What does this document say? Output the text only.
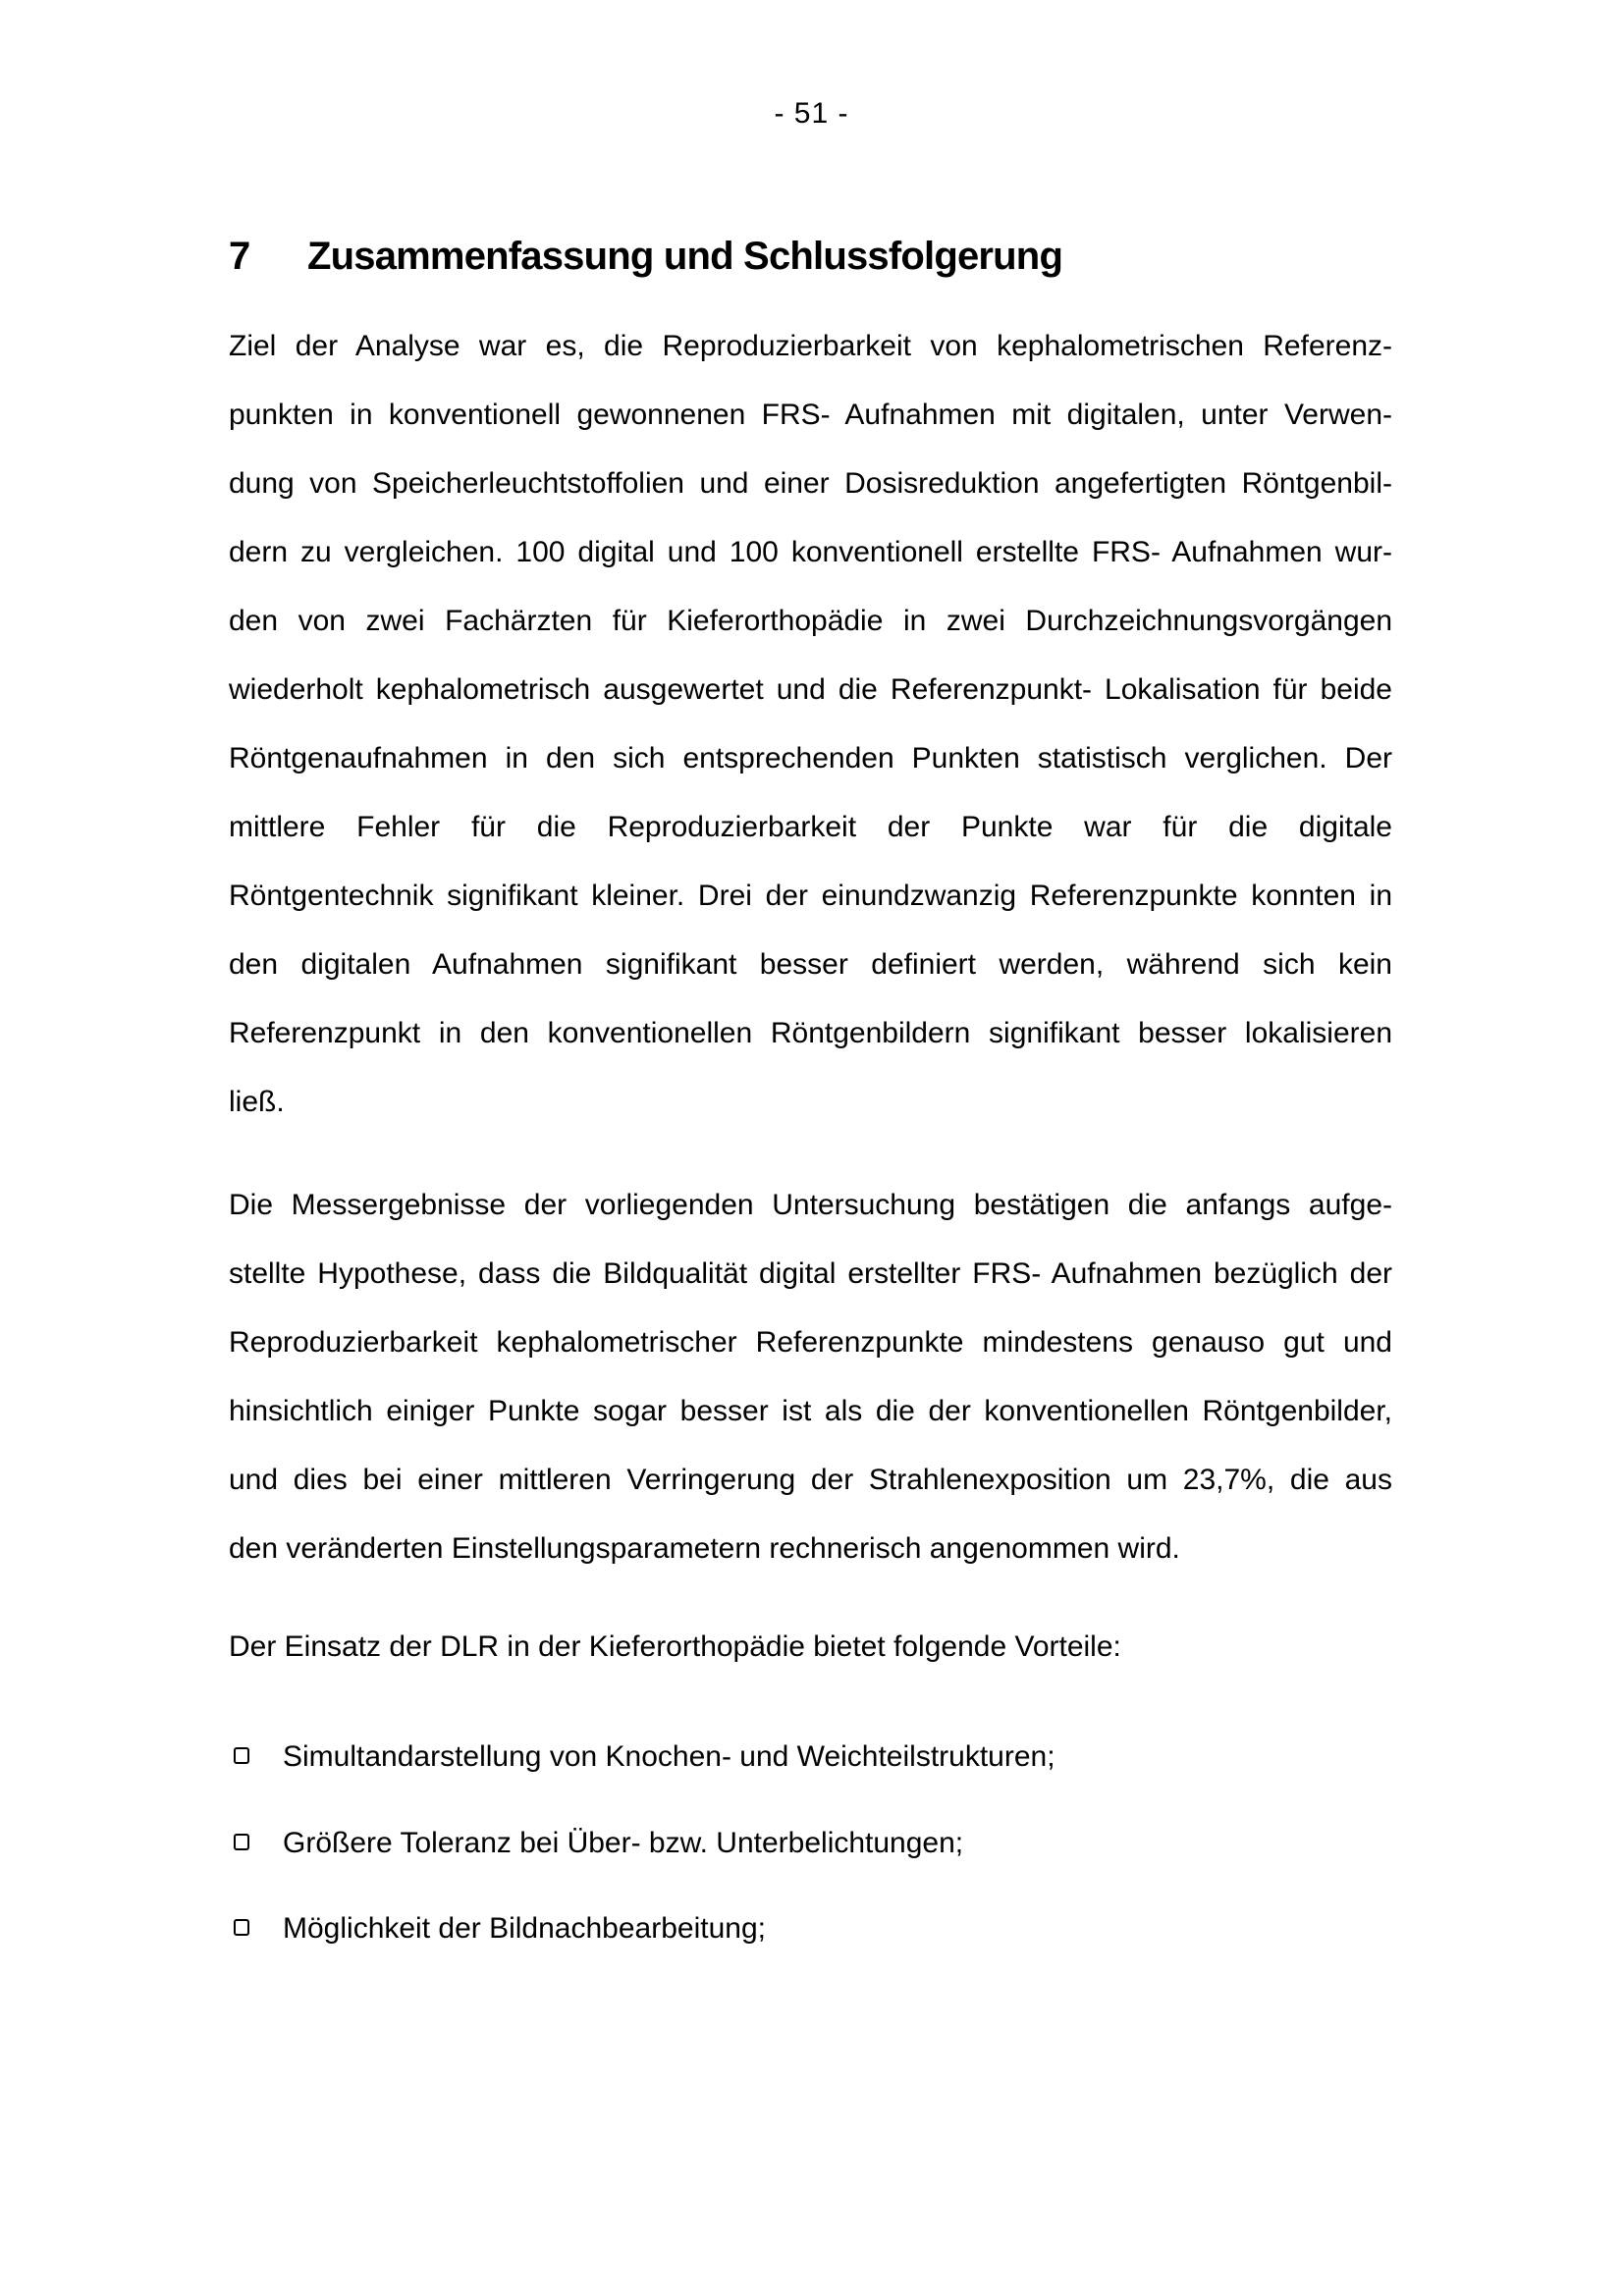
- 51 -
7 Zusammenfassung und Schlussfolgerung
Ziel der Analyse war es, die Reproduzierbarkeit von kephalometrischen Referenz-
punkten in konventionell gewonnenen FRS- Aufnahmen mit digitalen, unter Verwen-
dung von Speicherleuchtstoffolien und einer Dosisreduktion angefertigten Röntgenbil-
dern zu vergleichen. 100 digital und 100 konventionell erstellte FRS- Aufnahmen wur-
den von zwei Fachärzten für Kieferorthopädie in zwei Durchzeichnungsvorgängen
wiederholt kephalometrisch ausgewertet und die Referenzpunkt- Lokalisation für beide
Röntgenaufnahmen in den sich entsprechenden Punkten statistisch verglichen. Der
mittlere Fehler für die Reproduzierbarkeit der Punkte war für die digitale
Röntgentechnik signifikant kleiner. Drei der einundzwanzig Referenzpunkte konnten in
den digitalen Aufnahmen signifikant besser definiert werden, während sich kein
Referenzpunkt in den konventionellen Röntgenbildern signifikant besser lokalisieren
ließ.
Die Messergebnisse der vorliegenden Untersuchung bestätigen die anfangs aufge-
stellte Hypothese, dass die Bildqualität digital erstellter FRS- Aufnahmen bezüglich der
Reproduzierbarkeit kephalometrischer Referenzpunkte mindestens genauso gut und
hinsichtlich einiger Punkte sogar besser ist als die der konventionellen Röntgenbilder,
und dies bei einer mittleren Verringerung der Strahlenexposition um 23,7%, die aus
den veränderten Einstellungsparametern rechnerisch angenommen wird.
Der Einsatz der DLR in der Kieferorthopädie bietet folgende Vorteile:
Simultandarstellung von Knochen- und Weichteilstrukturen;
Größere Toleranz bei Über- bzw. Unterbelichtungen;
Möglichkeit der Bildnachbearbeitung;
